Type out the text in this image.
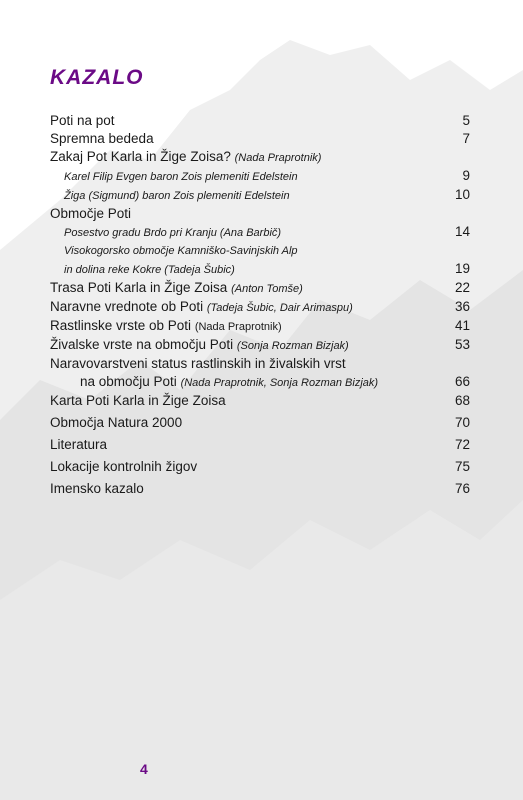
KAZALO
Poti na pot	5
Spremna bededa	7
Zakaj Pot Karla in Žige Zoisa? (Nada Praprotnik)
Karel Filip Evgen baron Zois plemeniti Edelstein	9
Žiga (Sigmund) baron Zois plemeniti Edelstein	10
Območje Poti
Posestvo gradu Brdo pri Kranju (Ana Barbič)	14
Visokogorsko območje Kamniško-Savinjskih Alp
in dolina reke Kokre (Tadeja Šubic)	19
Trasa Poti Karla in Žige Zoisa (Anton Tomše)	22
Naravne vrednote ob Poti (Tadeja Šubic, Dair Arimaspu)	36
Rastlinske vrste ob Poti (Nada Praprotnik)	41
Živalske vrste na območju Poti (Sonja Rozman Bizjak)	53
Naravovarstveni status rastlinskih in živalskih vrst
na območju Poti (Nada Praprotnik, Sonja Rozman Bizjak)	66
Karta Poti Karla in Žige Zoisa	68
Območja Natura 2000	70
Literatura	72
Lokacije kontrolnih žigov	75
Imensko kazalo	76
4
